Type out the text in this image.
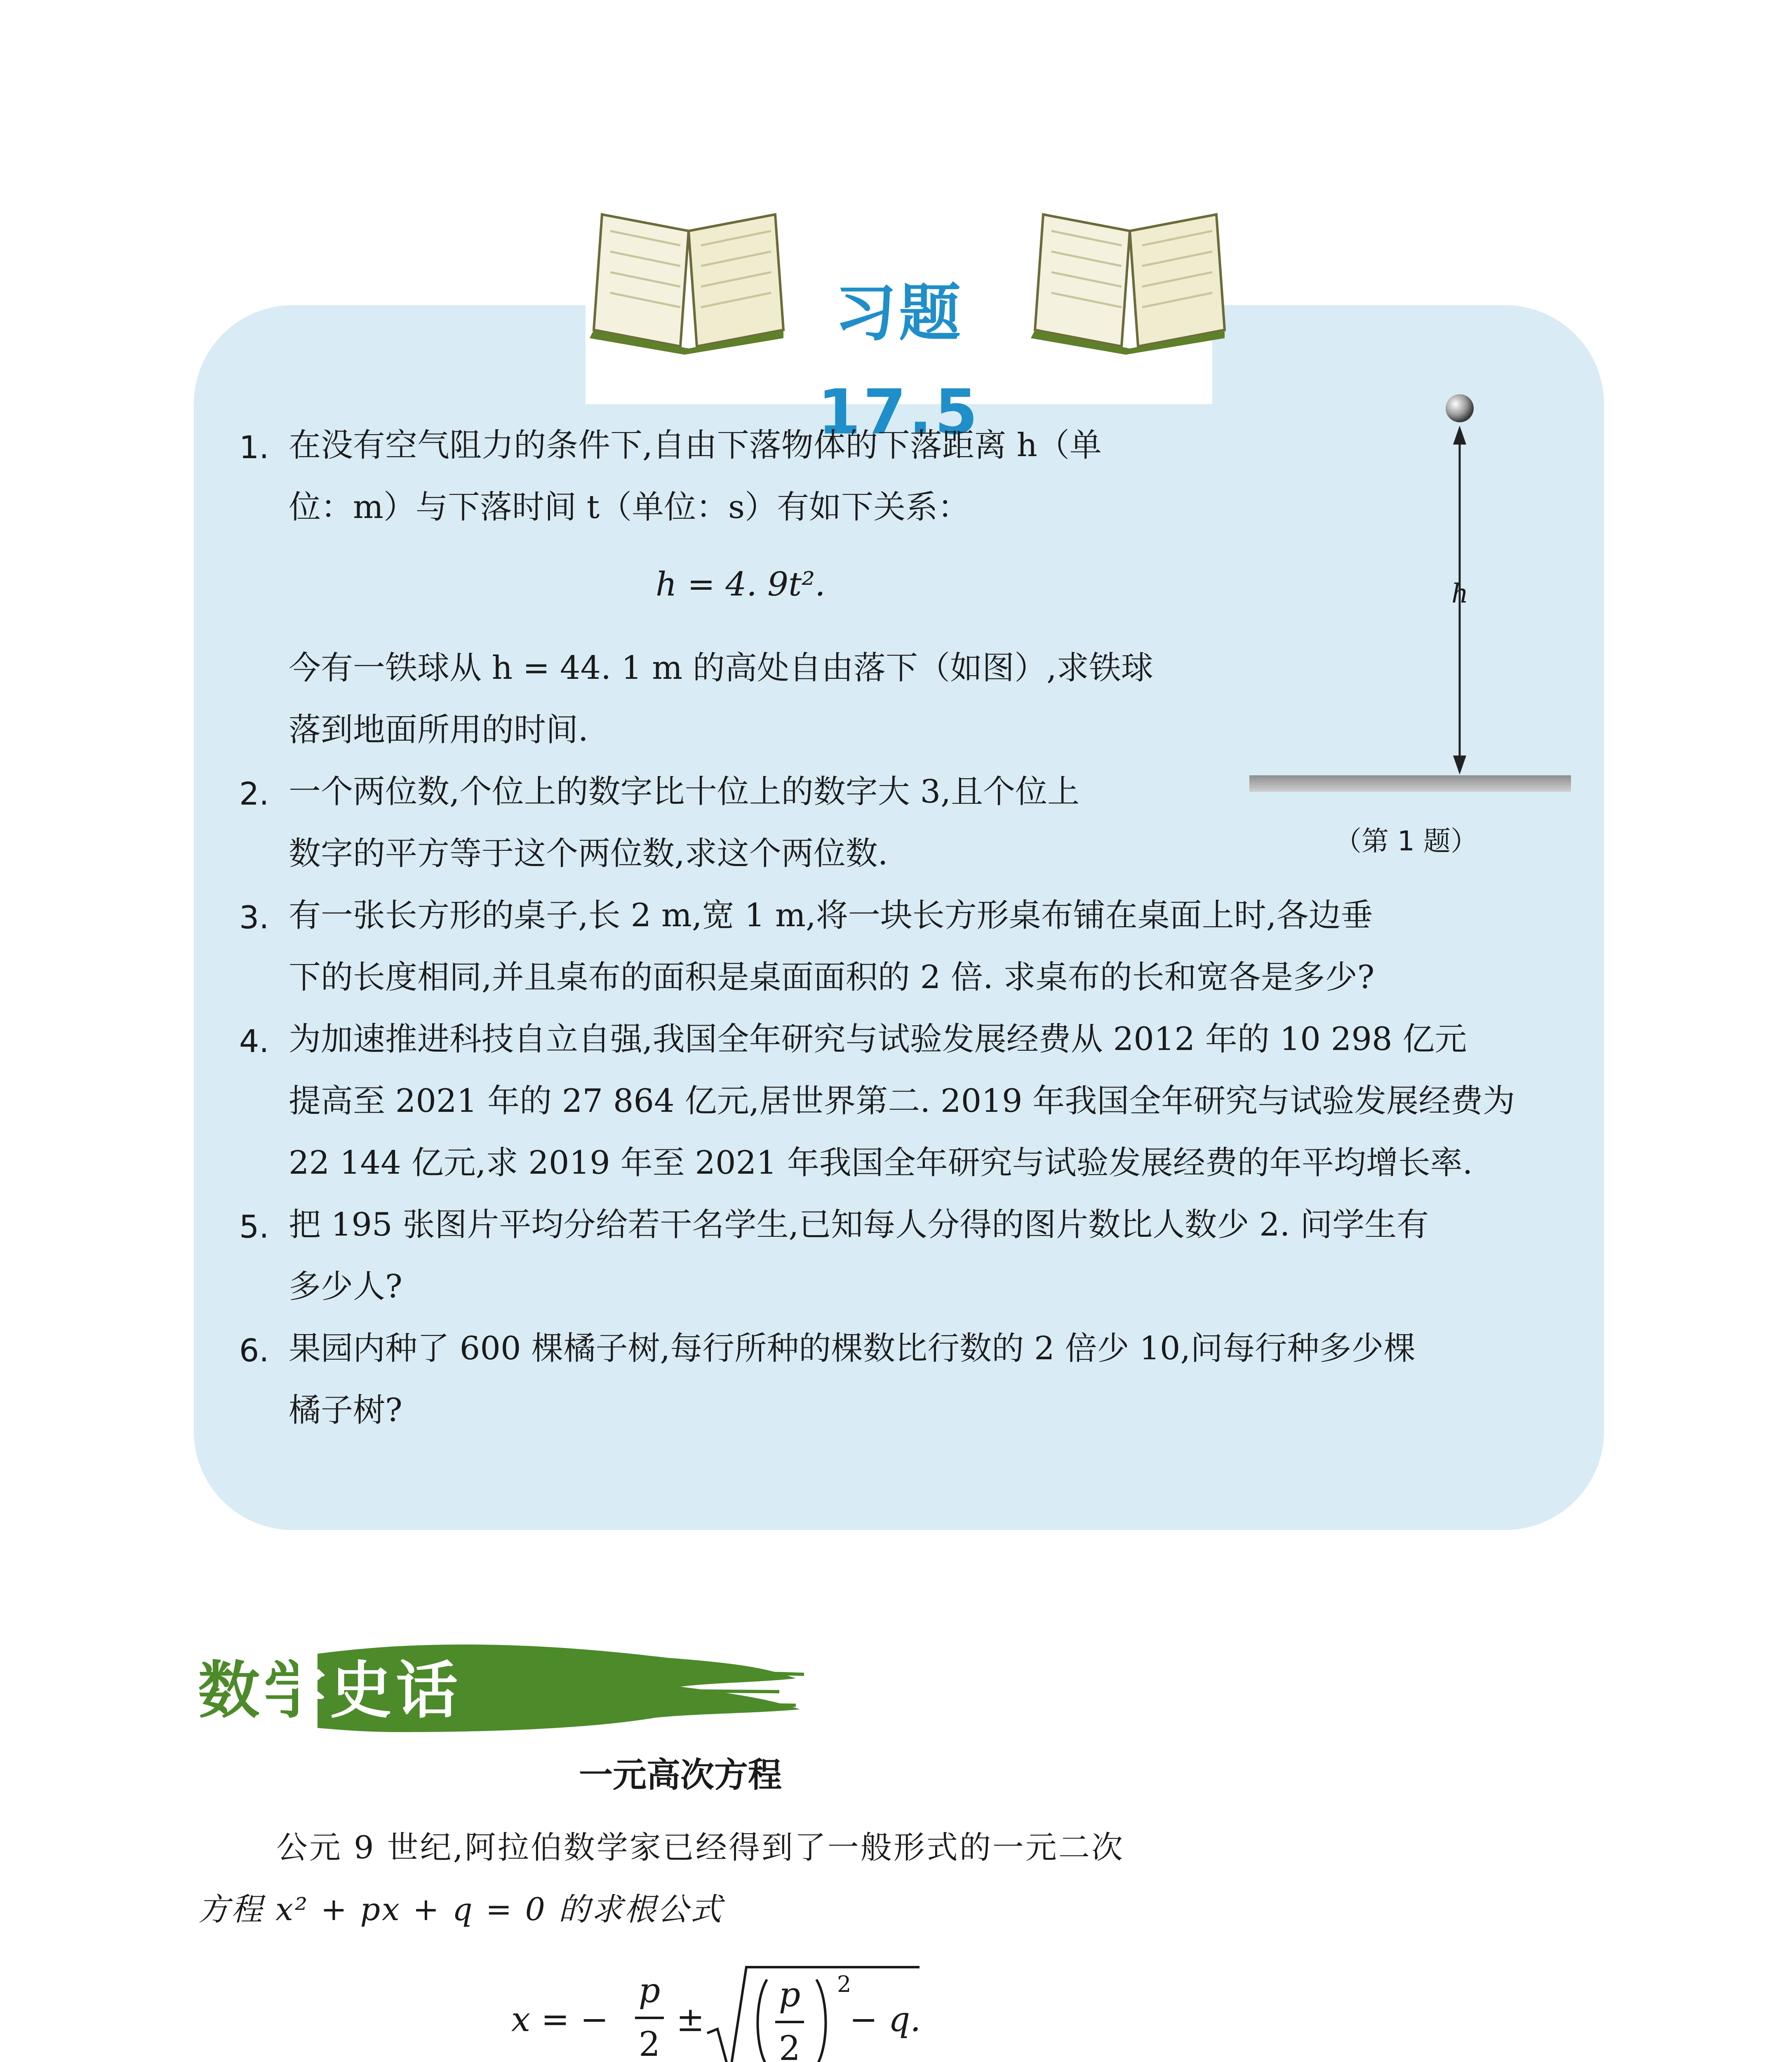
习题 17.5
1. 在没有空气阻力的条件下,自由下落物体的下落距离 h（单
位：m）与下落时间 t（单位：s）有如下关系：
h = 4. 9t².
今有一铁球从 h = 44. 1 m 的高处自由落下（如图）,求铁球
落到地面所用的时间.
h
（第 1 题）
2. 一个两位数,个位上的数字比十位上的数字大 3,且个位上
数字的平方等于这个两位数,求这个两位数.
3. 有一张长方形的桌子,长 2 m,宽 1 m,将一块长方形桌布铺在桌面上时,各边垂
下的长度相同,并且桌布的面积是桌面面积的 2 倍. 求桌布的长和宽各是多少?
4. 为加速推进科技自立自强,我国全年研究与试验发展经费从 2012 年的 10 298 亿元
提高至 2021 年的 27 864 亿元,居世界第二. 2019 年我国全年研究与试验发展经费为
22 144 亿元,求 2019 年至 2021 年我国全年研究与试验发展经费的年平均增长率.
5. 把 195 张图片平均分给若干名学生,已知每人分得的图片数比人数少 2. 问学生有
多少人?
6. 果园内种了 600 棵橘子树,每行所种的棵数比行数的 2 倍少 10,问每行种多少棵
橘子树?
数学史话
一元高次方程
公元 9 世纪,阿拉伯数学家已经得到了一般形式的一元二次
方程 x² + px + q = 0 的求根公式
x = −
p
2
±
p
2
2
− q.
